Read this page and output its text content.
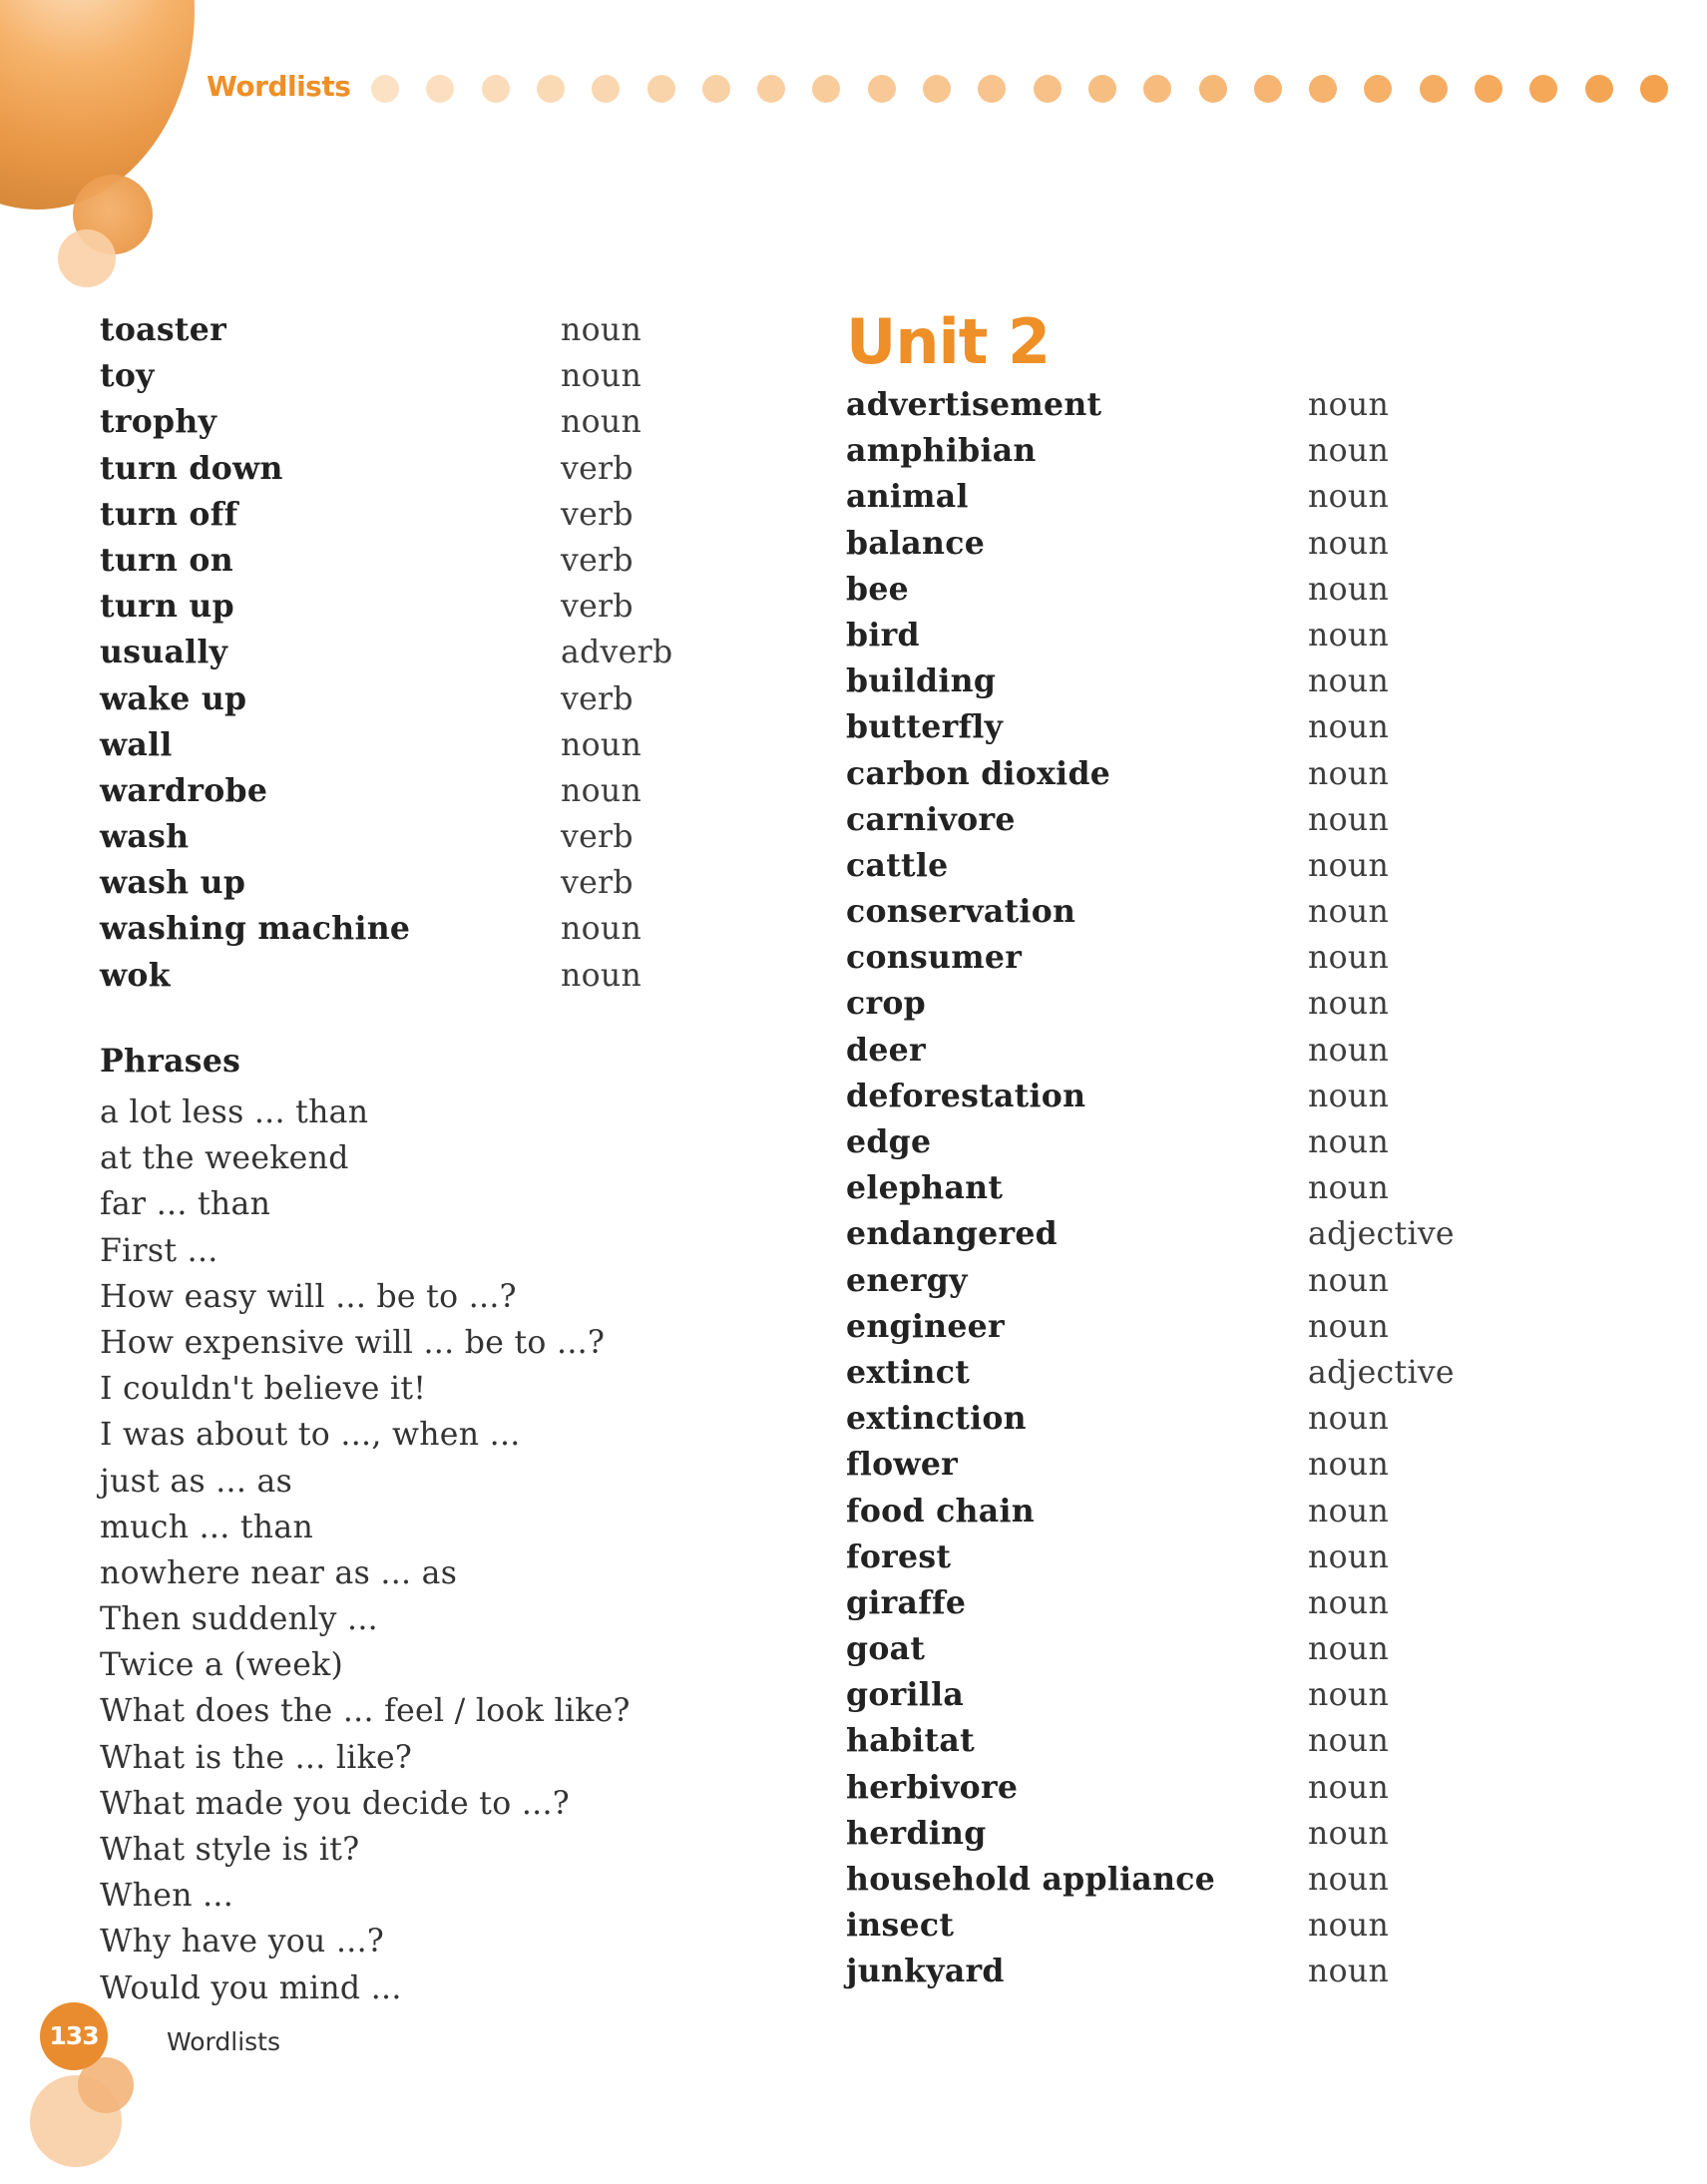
Wordlists
toaster	noun
toy	noun
trophy	noun
turn down	verb
turn off	verb
turn on	verb
turn up	verb
usually	adverb
wake up	verb
wall	noun
wardrobe	noun
wash	verb
wash up	verb
washing machine	noun
wok	noun
Phrases
a lot less ... than
at the weekend
far ... than
First ...
How easy will ... be to ...?
How expensive will ... be to ...?
I couldn't believe it!
I was about to ..., when ...
just as ... as
much ... than
nowhere near as ... as
Then suddenly ...
Twice a (week)
What does the ... feel / look like?
What is the ... like?
What made you decide to ...?
What style is it?
When ...
Why have you ...?
Would you mind ...
Unit 2
advertisement	noun
amphibian	noun
animal	noun
balance	noun
bee	noun
bird	noun
building	noun
butterfly	noun
carbon dioxide	noun
carnivore	noun
cattle	noun
conservation	noun
consumer	noun
crop	noun
deer	noun
deforestation	noun
edge	noun
elephant	noun
endangered	adjective
energy	noun
engineer	noun
extinct	adjective
extinction	noun
flower	noun
food chain	noun
forest	noun
giraffe	noun
goat	noun
gorilla	noun
habitat	noun
herbivore	noun
herding	noun
household appliance	noun
insect	noun
junkyard	noun
133	Wordlists
